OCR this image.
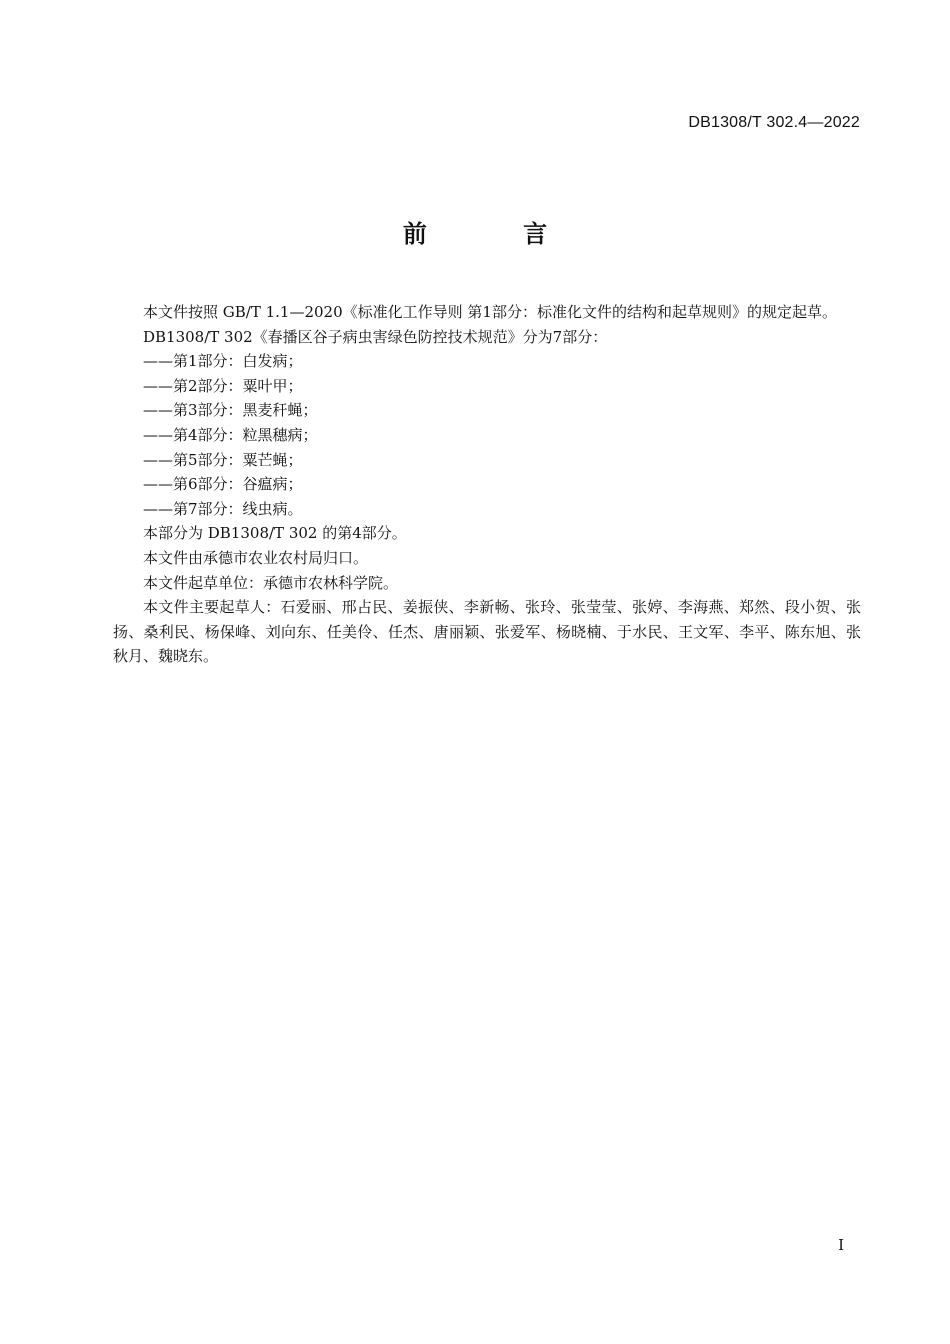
DB1308/T 302.4—2022
前 言

本文件按照 GB/T 1.1—2020《标准化工作导则 第1部分：标准化文件的结构和起草规则》的规定起草。

DB1308/T 302《春播区谷子病虫害绿色防控技术规范》分为7部分：

——第1部分：白发病；

——第2部分：粟叶甲；

——第3部分：黑麦秆蝇；

——第4部分：粒黑穗病；

——第5部分：粟芒蝇；

——第6部分：谷瘟病；

——第7部分：线虫病。

本部分为 DB1308/T 302 的第4部分。

本文件由承德市农业农村局归口。

本文件起草单位：承德市农林科学院。

本文件主要起草人：石爱丽、邢占民、姜振侠、李新畅、张玲、张莹莹、张婷、李海燕、郑然、段小贺、张扬、桑利民、杨保峰、刘向东、任美伶、任杰、唐丽颖、张爱军、杨晓楠、于水民、王文军、李平、陈东旭、张秋月、魏晓东。

I
